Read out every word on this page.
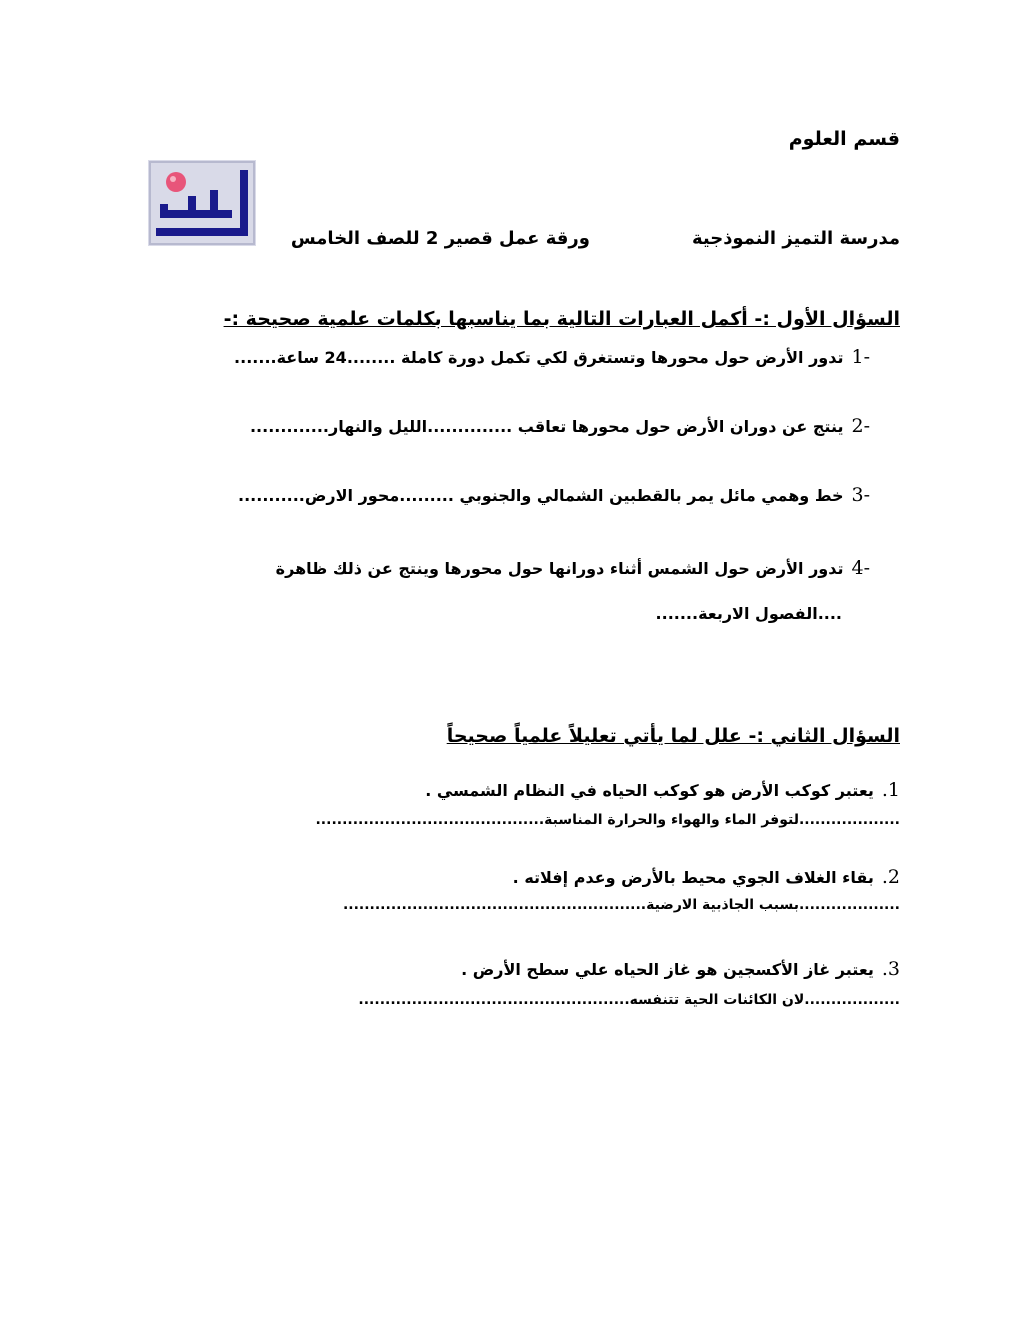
قسم العلوم
مدرسة التميز النموذجية
ورقة عمل قصير 2 للصف الخامس
السؤال الأول :- أكمل العبارات التالية بما يناسبها بكلمات علمية صحيحة :-
-1تدور الأرض حول محورها وتستغرق لكي تكمل دورة كاملة ........24 ساعة.......
-2ينتج عن دوران الأرض حول محورها تعاقب ..............الليل والنهار.............
-3خط وهمي مائل يمر بالقطبين الشمالي والجنوبي .........محور الارض...........
-4تدور الأرض حول الشمس أثناء دورانها حول محورها وينتج عن ذلك ظاهرة
....الفصول الاربعة.......
السؤال الثاني :- علل لما يأتي تعليلاً علمياً صحيحاً
1.يعتبر كوكب الأرض هو كوكب الحياه في النظام الشمسي .
...................لتوفر الماء والهواء والحرارة المناسبة...........................................
2.بقاء الغلاف الجوي محيط بالأرض وعدم إفلاته .
...................بسبب الجاذبية الارضية.........................................................
3.يعتبر غاز الأكسجين هو غاز الحياه علي سطح الأرض .
..................لان الكائنات الحية تتنفسه...................................................
